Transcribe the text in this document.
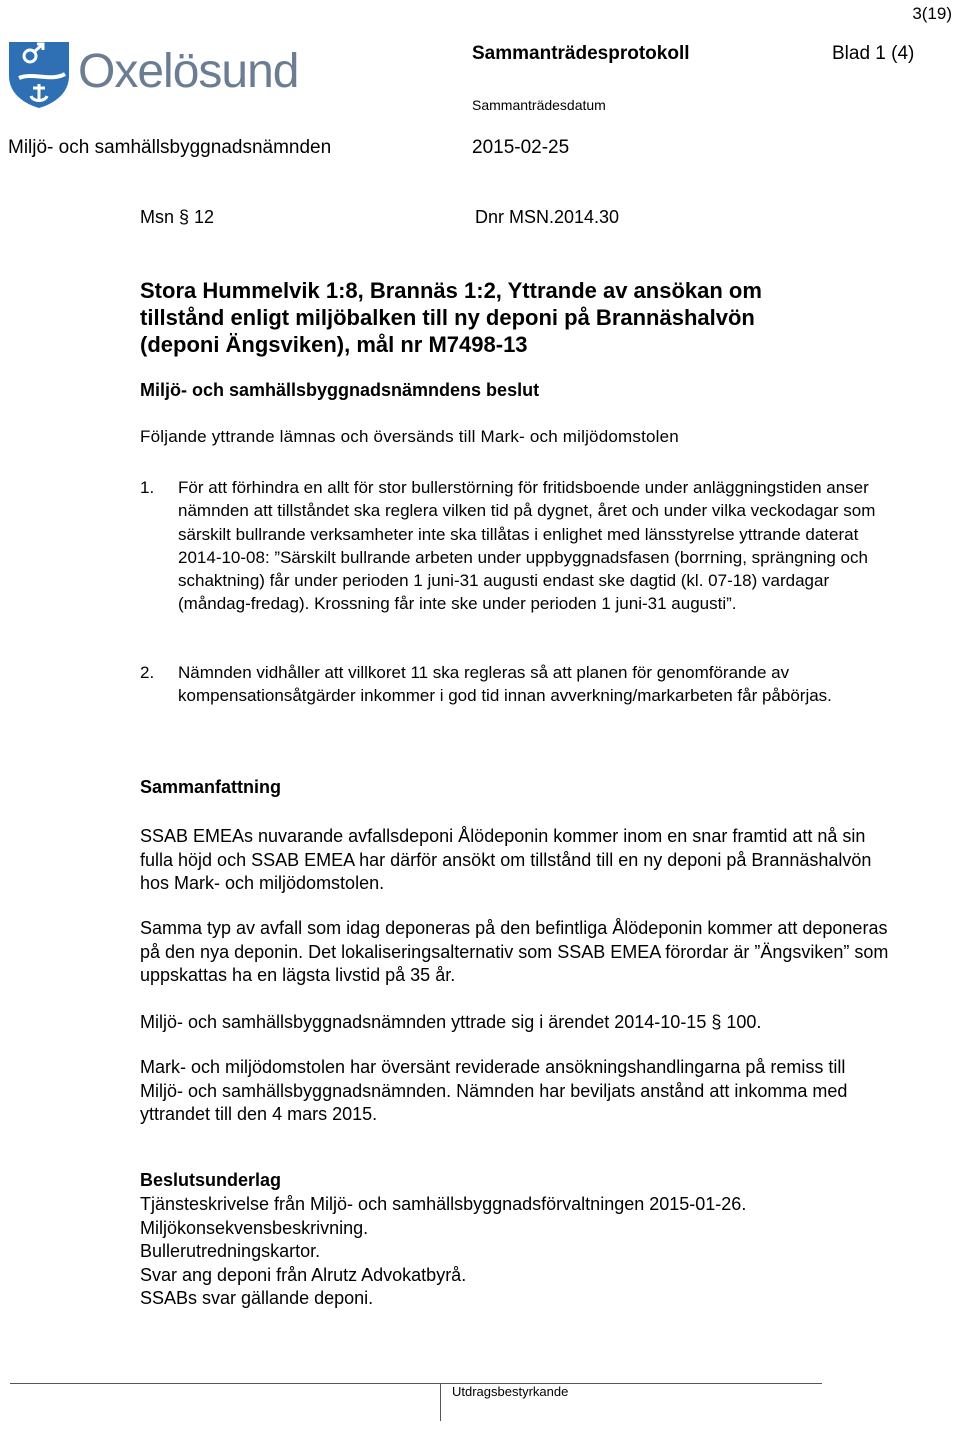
3(19)
Oxelösund	Sammanträdesprotokoll	Blad 1 (4)
Sammanträdesdatum
Miljö- och samhällsbyggnadsnämnden	2015-02-25
Msn § 12	Dnr MSN.2014.30
Stora Hummelvik 1:8, Brannäs 1:2, Yttrande av ansökan om
tillstånd enligt miljöbalken till ny deponi på Brannäshalvön
(deponi Ängsviken), mål nr M7498-13
Miljö- och samhällsbyggnadsnämndens beslut
Följande yttrande lämnas och översänds till Mark- och miljödomstolen
1. För att förhindra en allt för stor bullerstörning för fritidsboende under anläggningstiden anser nämnden att tillståndet ska reglera vilken tid på dygnet, året och under vilka veckodagar som särskilt bullrande verksamheter inte ska tillåtas i enlighet med länsstyrelse yttrande daterat 2014-10-08: ”Särskilt bullrande arbeten under uppbyggnadsfasen (borrning, sprängning och schaktning) får under perioden 1 juni-31 augusti endast ske dagtid (kl. 07-18) vardagar (måndag-fredag). Krossning får inte ske under perioden 1 juni-31 augusti”.
2. Nämnden vidhåller att villkoret 11 ska regleras så att planen för genomförande av kompensationsåtgärder inkommer i god tid innan avverkning/markarbeten får påbörjas.
Sammanfattning

SSAB EMEAs nuvarande avfallsdeponi Ålödeponin kommer inom en snar framtid att nå sin fulla höjd och SSAB EMEA har därför ansökt om tillstånd till en ny deponi på Brannäshalvön hos Mark- och miljödomstolen.

Samma typ av avfall som idag deponeras på den befintliga Ålödeponin kommer att deponeras på den nya deponin. Det lokaliseringsalternativ som SSAB EMEA förordar är ”Ängsviken” som uppskattas ha en lägsta livstid på 35 år.

Miljö- och samhällsbyggnadsnämnden yttrade sig i ärendet 2014-10-15 § 100.

Mark- och miljödomstolen har översänt reviderade ansökningshandlingarna på remiss till Miljö- och samhällsbyggnadsnämnden. Nämnden har beviljats anstånd att inkomma med yttrandet till den 4 mars 2015.

Beslutsunderlag
Tjänsteskrivelse från Miljö- och samhällsbyggnadsförvaltningen 2015-01-26.
Miljökonsekvensbeskrivning.
Bullerutredningskartor.
Svar ang deponi från Alrutz Advokatbyrå.
SSABs svar gällande deponi.
Utdragsbestyrkande
